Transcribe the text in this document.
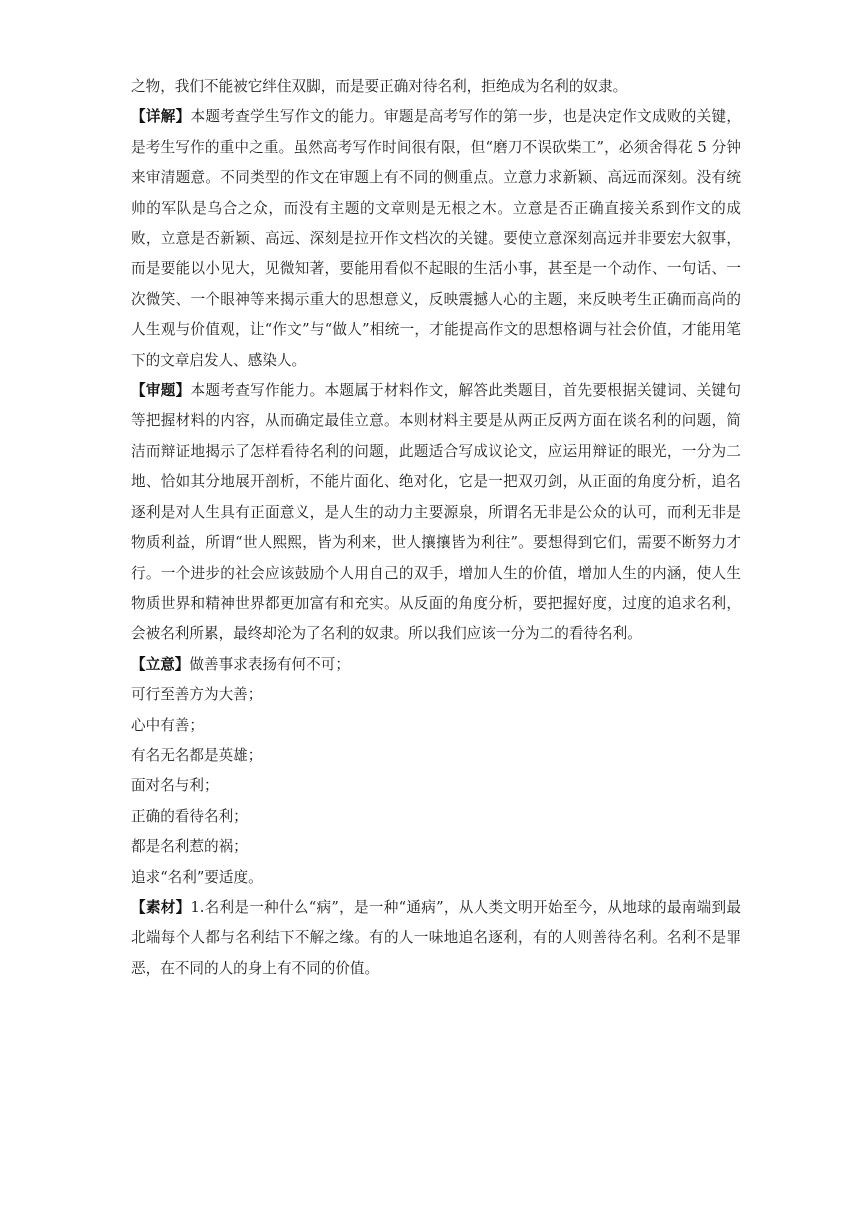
之物，我们不能被它绊住双脚，而是要正确对待名利，拒绝成为名利的奴隶。

【详解】本题考查学生写作文的能力。审题是高考写作的第一步，也是决定作文成败的关键，是考生写作的重中之重。虽然高考写作时间很有限，但“磨刀不误砍柴工”，必须舍得花 5 分钟来审清题意。不同类型的作文在审题上有不同的侧重点。立意力求新颖、高远而深刻。没有统帅的军队是乌合之众，而没有主题的文章则是无根之木。立意是否正确直接关系到作文的成败，立意是否新颖、高远、深刻是拉开作文档次的关键。要使立意深刻高远并非要宏大叙事，而是要能以小见大，见微知著，要能用看似不起眼的生活小事，甚至是一个动作、一句话、一次微笑、一个眼神等来揭示重大的思想意义，反映震撼人心的主题，来反映考生正确而高尚的人生观与价值观，让“作文”与“做人”相统一，才能提高作文的思想格调与社会价值，才能用笔下的文章启发人、感染人。

【审题】本题考查写作能力。本题属于材料作文，解答此类题目，首先要根据关键词、关键句等把握材料的内容，从而确定最佳立意。本则材料主要是从两正反两方面在谈名利的问题，简洁而辩证地揭示了怎样看待名利的问题，此题适合写成议论文，应运用辩证的眼光，一分为二地、恰如其分地展开剖析，不能片面化、绝对化，它是一把双刃剑，从正面的角度分析，追名逐利是对人生具有正面意义，是人生的动力主要源泉，所谓名无非是公众的认可，而利无非是物质利益，所谓“世人熙熙，皆为利来，世人攘攘皆为利往”。要想得到它们，需要不断努力才行。一个进步的社会应该鼓励个人用自己的双手，增加人生的价值，增加人生的内涵，使人生物质世界和精神世界都更加富有和充实。从反面的角度分析，要把握好度，过度的追求名利，会被名利所累，最终却沦为了名利的奴隶。所以我们应该一分为二的看待名利。

【立意】做善事求表扬有何不可；

可行至善方为大善；

心中有善；

有名无名都是英雄；

面对名与利；

正确的看待名利；

都是名利惹的祸；

追求“名利”要适度。

【素材】1.名利是一种什么“病”，是一种“通病”，从人类文明开始至今，从地球的最南端到最北端每个人都与名利结下不解之缘。有的人一味地追名逐利，有的人则善待名利。名利不是罪恶，在不同的人的身上有不同的价值。
